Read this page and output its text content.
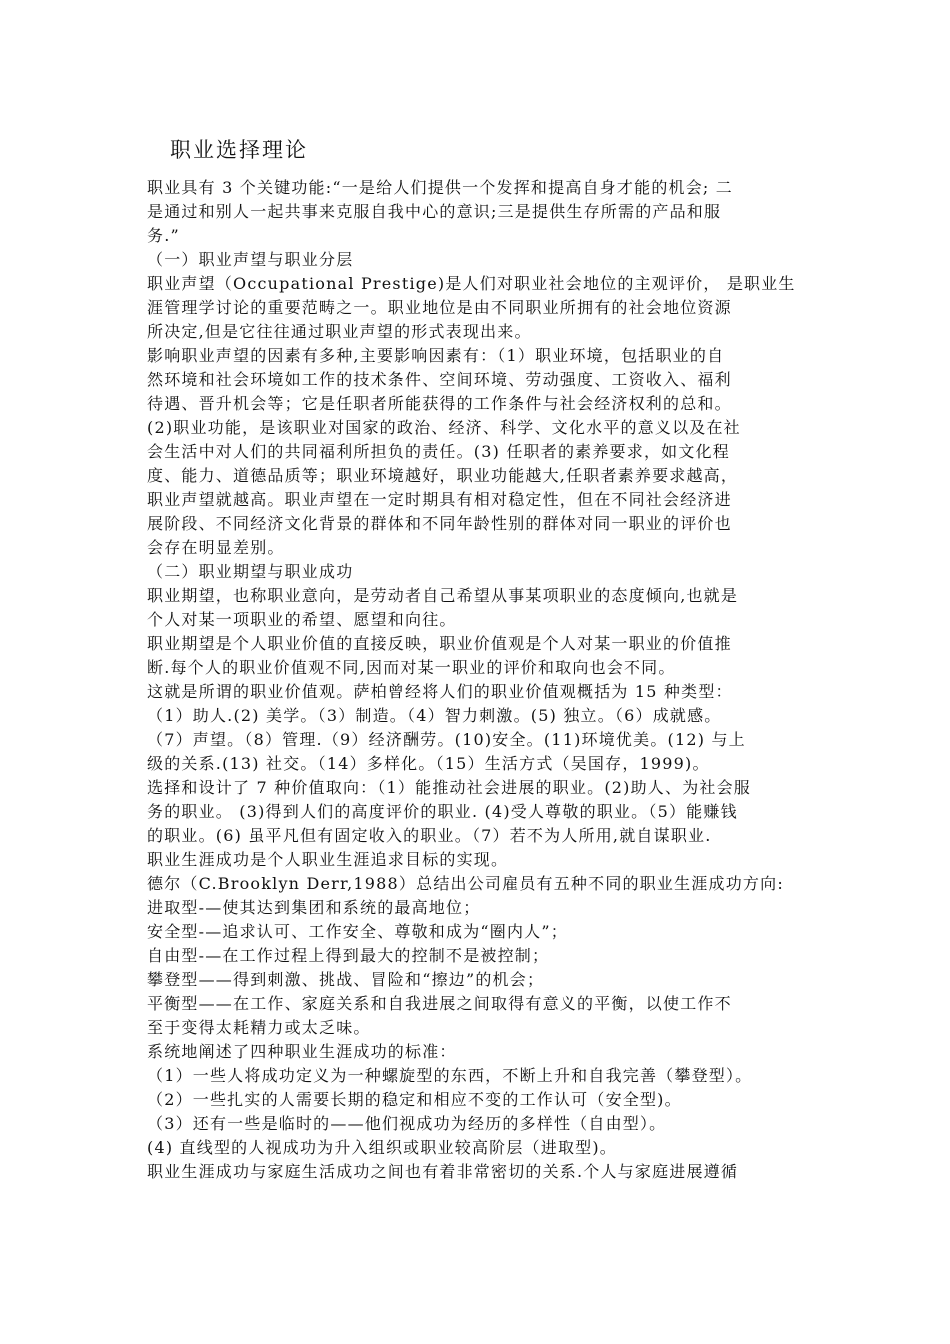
职业选择理论
职业具有 3 个关键功能:“一是给人们提供一个发挥和提高自身才能的机会; 二
是通过和别人一起共事来克服自我中心的意识;三是提供生存所需的产品和服
务.”
（一）职业声望与职业分层
职业声望（Occupational Prestige)是人们对职业社会地位的主观评价， 是职业生
涯管理学讨论的重要范畴之一。职业地位是由不同职业所拥有的社会地位资源
所决定,但是它往往通过职业声望的形式表现出来。
影响职业声望的因素有多种,主要影响因素有：（1）职业环境，包括职业的自
然环境和社会环境如工作的技术条件、空间环境、劳动强度、工资收入、福利
待遇、晋升机会等；它是任职者所能获得的工作条件与社会经济权利的总和。
(2)职业功能，是该职业对国家的政治、经济、科学、文化水平的意义以及在社
会生活中对人们的共同福利所担负的责任。(3) 任职者的素养要求，如文化程
度、能力、道德品质等；职业环境越好，职业功能越大,任职者素养要求越高，
职业声望就越高。职业声望在一定时期具有相对稳定性，但在不同社会经济进
展阶段、不同经济文化背景的群体和不同年龄性别的群体对同一职业的评价也
会存在明显差别。
（二）职业期望与职业成功
职业期望，也称职业意向，是劳动者自己希望从事某项职业的态度倾向,也就是
个人对某一项职业的希望、愿望和向往。
职业期望是个人职业价值的直接反映，职业价值观是个人对某一职业的价值推
断.每个人的职业价值观不同,因而对某一职业的评价和取向也会不同。
这就是所谓的职业价值观。萨柏曾经将人们的职业价值观概括为 15 种类型：
（1）助人.(2) 美学。（3）制造。（4）智力刺激。(5) 独立。（6）成就感。
（7）声望。（8）管理.（9）经济酬劳。(10)安全。(11)环境优美。(12) 与上
级的关系.(13) 社交。（14）多样化。（15）生活方式（吴国存，1999)。
选择和设计了 7 种价值取向：（1）能推动社会进展的职业。(2)助人、为社会服
务的职业。 (3)得到人们的高度评价的职业. (4)受人尊敬的职业。（5）能赚钱
的职业。(6) 虽平凡但有固定收入的职业。（7）若不为人所用,就自谋职业.
职业生涯成功是个人职业生涯追求目标的实现。
德尔（C.Brooklyn Derr,1988）总结出公司雇员有五种不同的职业生涯成功方向:
进取型-—使其达到集团和系统的最高地位；
安全型-—追求认可、工作安全、尊敬和成为“圈内人”；
自由型-—在工作过程上得到最大的控制不是被控制；
攀登型——得到刺激、挑战、冒险和“擦边”的机会；
平衡型——在工作、家庭关系和自我进展之间取得有意义的平衡，以使工作不
至于变得太耗精力或太乏味。
系统地阐述了四种职业生涯成功的标准：
（1）一些人将成功定义为一种螺旋型的东西，不断上升和自我完善（攀登型）。
（2）一些扎实的人需要长期的稳定和相应不变的工作认可（安全型)。
（3）还有一些是临时的——他们视成功为经历的多样性（自由型）。
(4) 直线型的人视成功为升入组织或职业较高阶层（进取型)。
职业生涯成功与家庭生活成功之间也有着非常密切的关系.个人与家庭进展遵循
